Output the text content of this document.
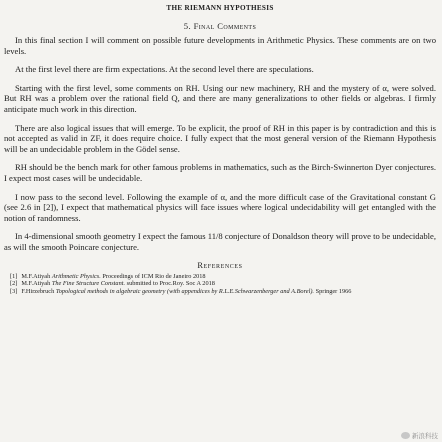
THE RIEMANN HYPOTHESIS
5. Final Comments

In this final section I will comment on possible future developments in Arithmetic Physics. These comments are on two levels.

At the first level there are firm expectations. At the second level there are speculations.

Starting with the first level, some comments on RH. Using our new machinery, RH and the mystery of α, were solved. But RH was a problem over the rational field Q, and there are many generalizations to other fields or algebras. I firmly anticipate much work in this direction.

There are also logical issues that will emerge. To be explicit, the proof of RH in this paper is by contradiction and this is not accepted as valid in ZF, it does require choice. I fully expect that the most general version of the Riemann Hypothesis will be an undecidable problem in the Gödel sense.

RH should be the bench mark for other famous problems in mathematics, such as the Birch-Swinnerton Dyer conjectures. I expect most cases will be undecidable.

I now pass to the second level. Following the example of α, and the more difficult case of the Gravitational constant G (see 2.6 in [2]), I expect that mathematical physics will face issues where logical undecidability will get entangled with the notion of randomness.

In 4-dimensional smooth geometry I expect the famous 11/8 conjecture of Donaldson theory will prove to be undecidable, as will the smooth Poincare conjecture.

References
[1] M.F.Atiyah Arithmetic Physics. Proceedings of ICM Rio de Janeiro 2018
[2] M.F.Atiyah The Fine Structure Constant. submitted to Proc.Roy. Soc A 2018
[3] F.Hirzebruch Topological methods in algebraic geometry (with appendices by R.L.E.Schwarzenberger and A.Borel). Springer 1966
新浪科技
